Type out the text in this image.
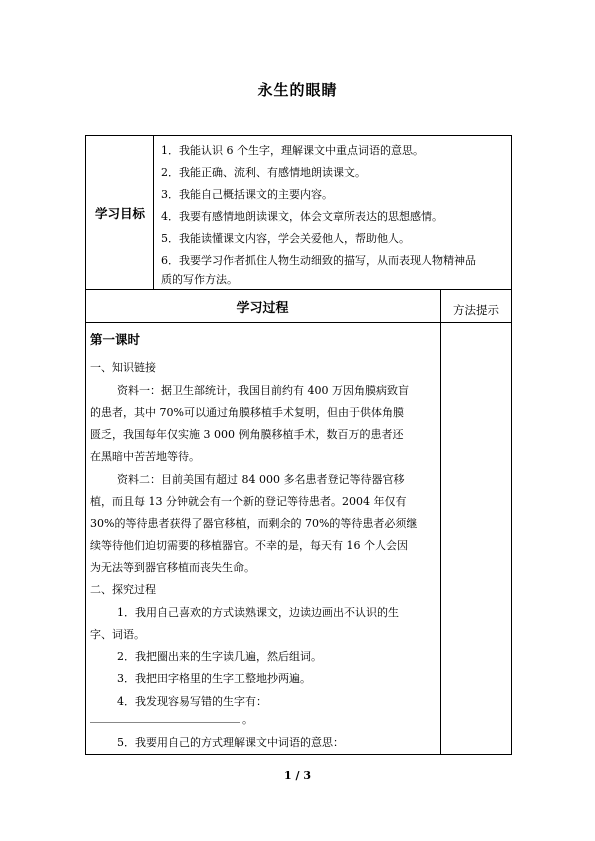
永生的眼睛
学习目标
1．我能认识 6 个生字，理解课文中重点词语的意思。
2．我能正确、流利、有感情地朗读课文。
3．我能自己概括课文的主要内容。
4．我要有感情地朗读课文，体会文章所表达的思想感情。
5．我能读懂课文内容，学会关爱他人，帮助他人。
6．我要学习作者抓住人物生动细致的描写，从而表现人物精神品
质的写作方法。
学习过程	方法提示
第一课时
一、知识链接
资料一：据卫生部统计，我国目前约有 400 万因角膜病致盲
的患者，其中 70%可以通过角膜移植手术复明，但由于供体角膜
匮乏，我国每年仅实施 3 000 例角膜移植手术，数百万的患者还
在黑暗中苦苦地等待。
资料二：目前美国有超过 84 000 多名患者登记等待器官移
植，而且每 13 分钟就会有一个新的登记等待患者。2004 年仅有
30%的等待患者获得了器官移植，而剩余的 70%的等待患者必须继
续等待他们迫切需要的移植器官。不幸的是，每天有 16 个人会因
为无法等到器官移植而丧失生命。
二、探究过程
1．我用自己喜欢的方式读熟课文，边读边画出不认识的生
字、词语。
2．我把圈出来的生字读几遍，然后组词。
3．我把田字格里的生字工整地抄两遍。
4．我发现容易写错的生字有：
。
5．我要用自己的方式理解课文中词语的意思：
1 / 3
